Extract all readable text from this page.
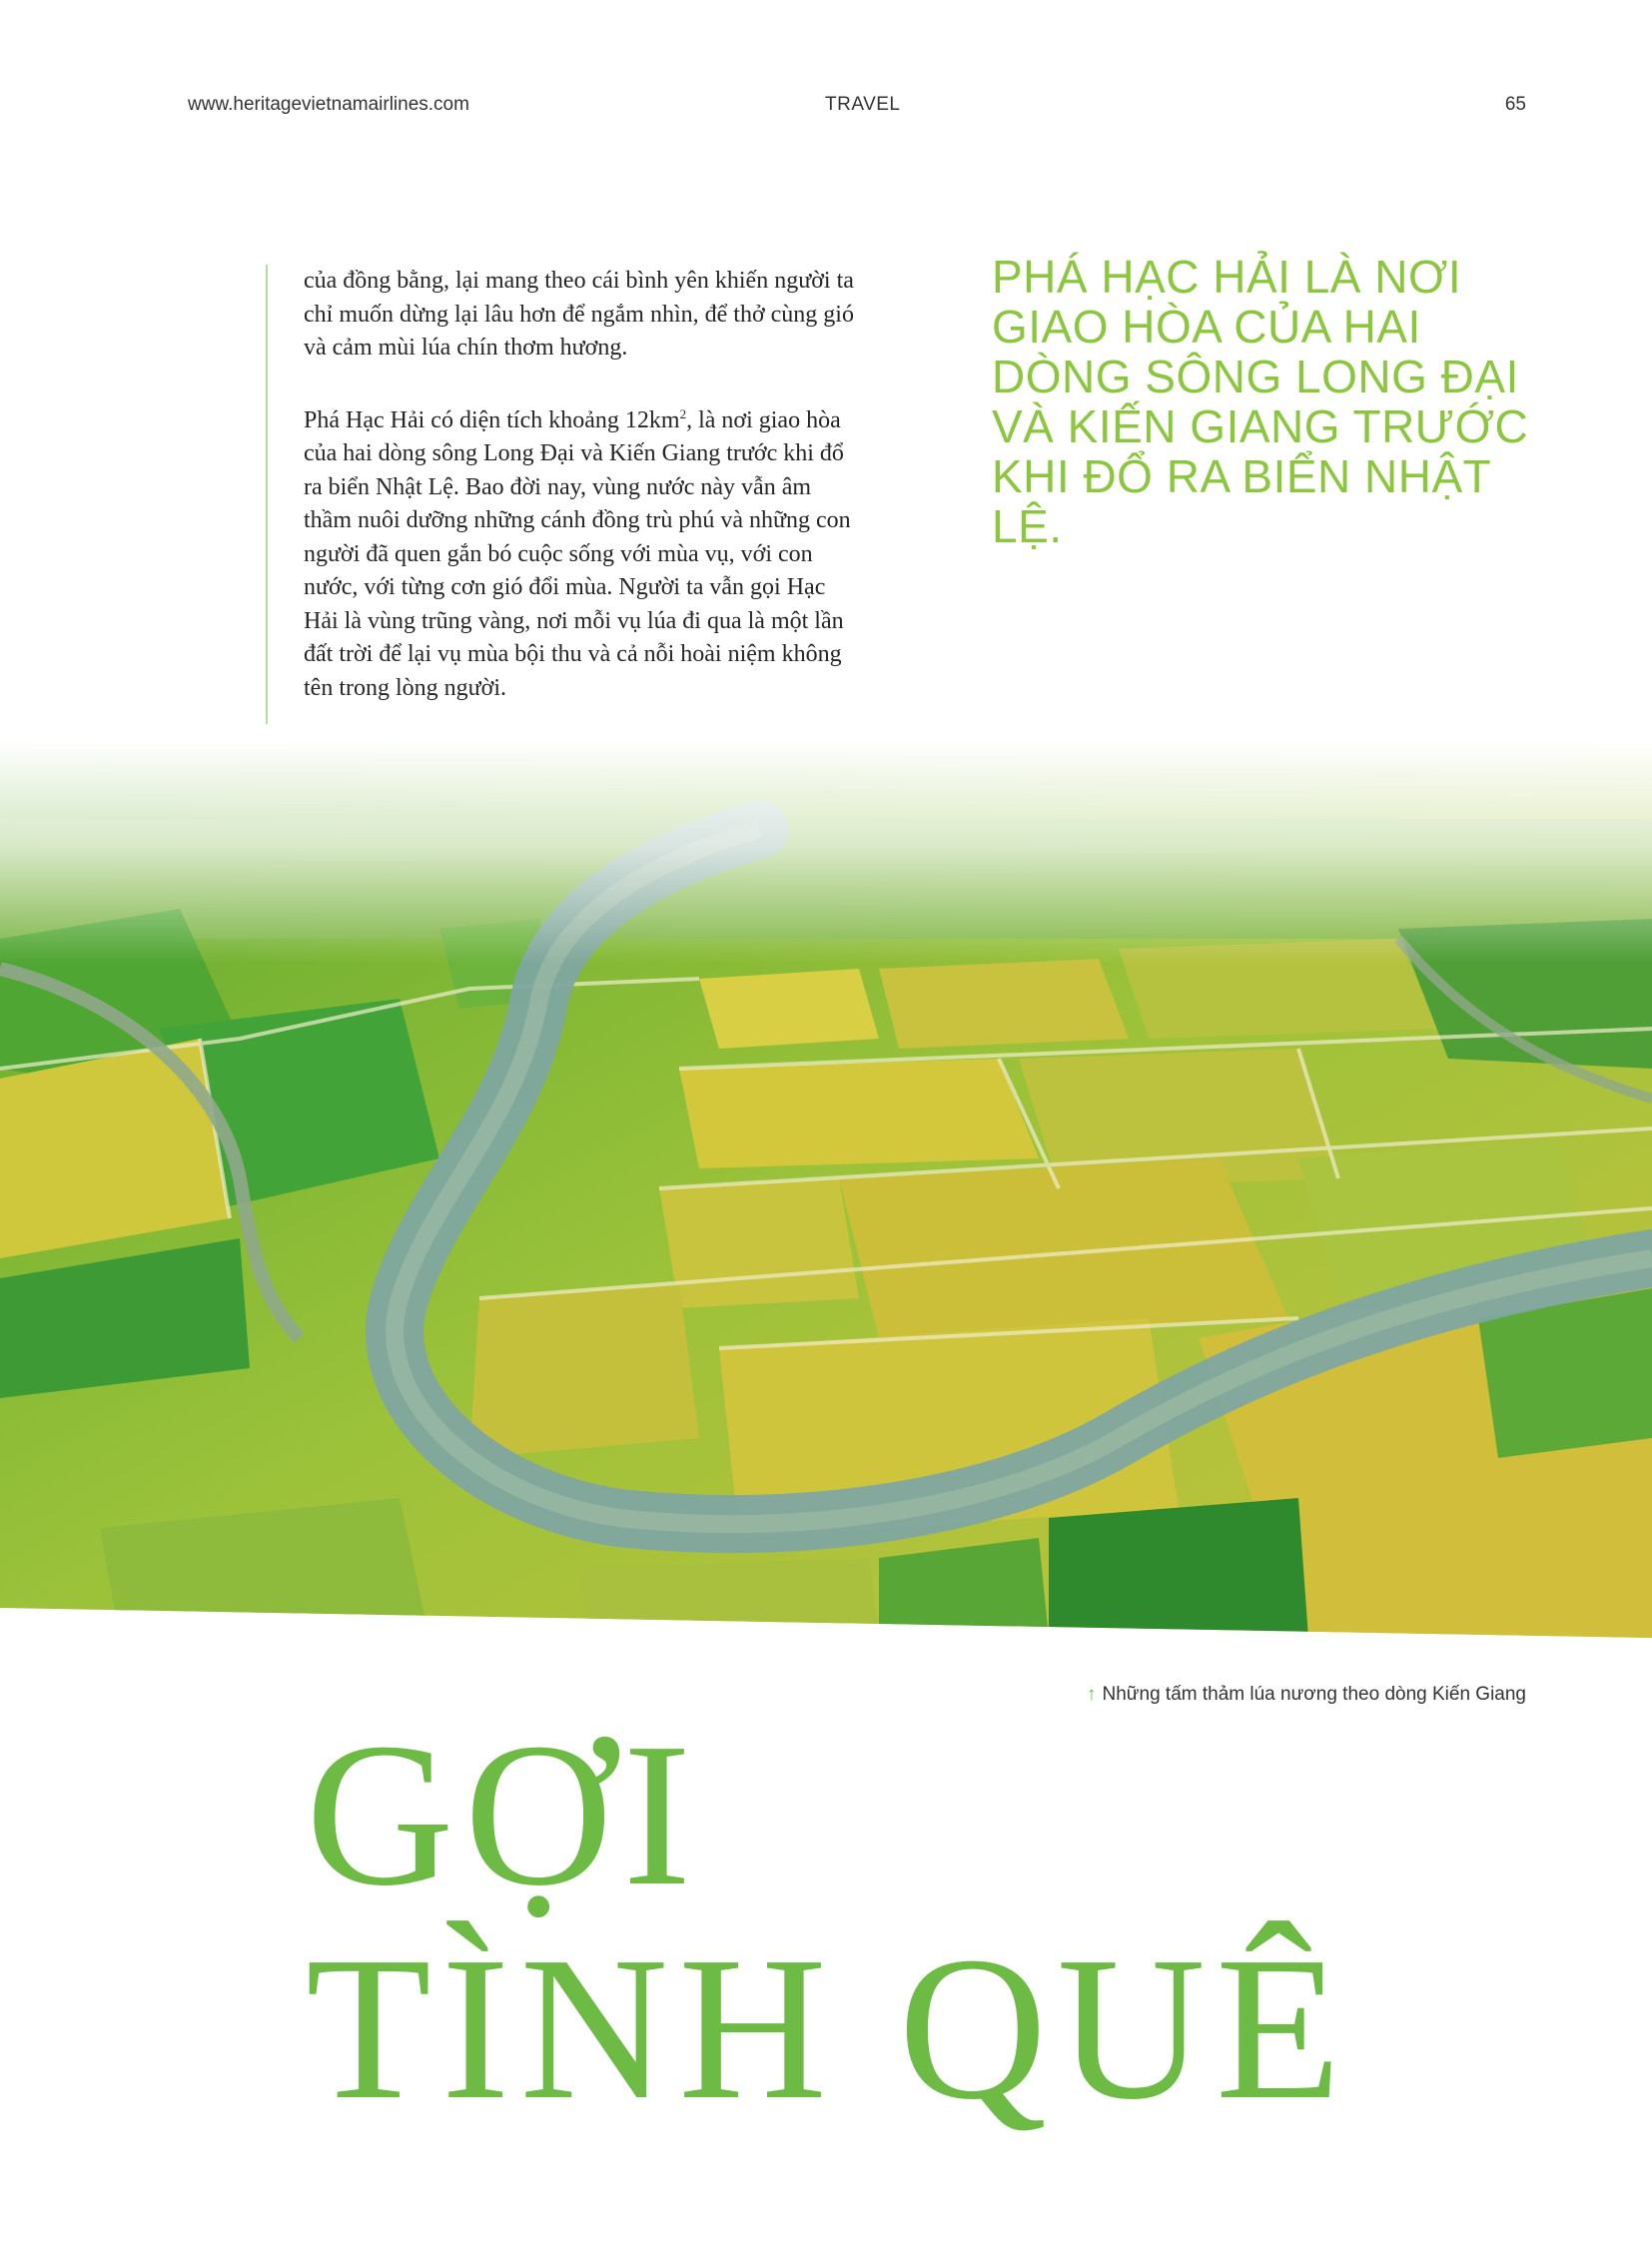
www.heritagevietnamairlines.com	TRAVEL	65

của đồng bằng, lại mang theo cái bình yên khiến người ta chỉ muốn dừng lại lâu hơn để ngắm nhìn, để thở cùng gió và cảm mùi lúa chín thơm hương.

Phá Hạc Hải có diện tích khoảng $12km^2$, là nơi giao hòa của hai dòng sông Long Đại và Kiến Giang trước khi đổ ra biển Nhật Lệ. Bao đời nay, vùng nước này vẫn âm thầm nuôi dưỡng những cánh đồng trù phú và những con người đã quen gắn bó cuộc sống với mùa vụ, với con nước, với từng cơn gió đổi mùa. Người ta vẫn gọi Hạc Hải là vùng trũng vàng, nơi mỗi vụ lúa đi qua là một lần đất trời để lại vụ mùa bội thu và cả nỗi hoài niệm không tên trong lòng người.

PHÁ HẠC HẢI LÀ NƠI GIAO HÒA CỦA HAI DÒNG SÔNG LONG ĐẠI VÀ KIẾN GIANG TRƯỚC KHI ĐỔ RA BIỂN NHẬT LỆ.
↑ Những tấm thảm lúa nương theo dòng Kiến Giang
GỢI
TÌNH QUÊ
